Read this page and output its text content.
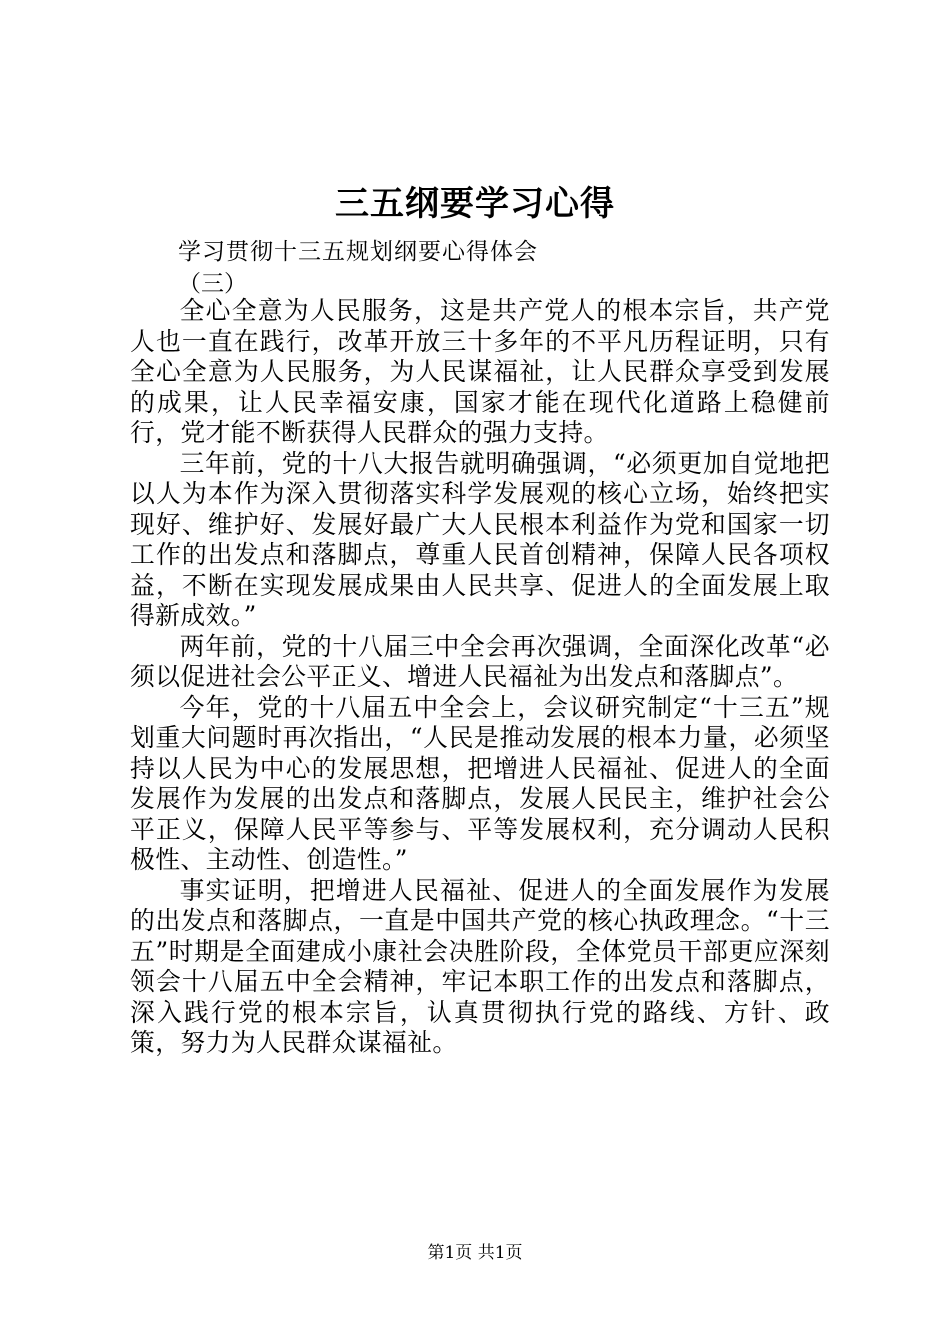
三五纲要学习心得
学习贯彻十三五规划纲要心得体会
（三）

全心全意为人民服务，这是共产党人的根本宗旨，共产党人也一直在践行，改革开放三十多年的不平凡历程证明，只有全心全意为人民服务，为人民谋福祉，让人民群众享受到发展的成果，让人民幸福安康，国家才能在现代化道路上稳健前行，党才能不断获得人民群众的强力支持。

三年前，党的十八大报告就明确强调，“必须更加自觉地把以人为本作为深入贯彻落实科学发展观的核心立场，始终把实现好、维护好、发展好最广大人民根本利益作为党和国家一切工作的出发点和落脚点，尊重人民首创精神，保障人民各项权益，不断在实现发展成果由人民共享、促进人的全面发展上取得新成效。”

两年前，党的十八届三中全会再次强调，全面深化改革“必须以促进社会公平正义、增进人民福祉为出发点和落脚点”。

今年，党的十八届五中全会上，会议研究制定“十三五”规划重大问题时再次指出，“人民是推动发展的根本力量，必须坚持以人民为中心的发展思想，把增进人民福祉、促进人的全面发展作为发展的出发点和落脚点，发展人民民主，维护社会公平正义，保障人民平等参与、平等发展权利，充分调动人民积极性、主动性、创造性。”

事实证明，把增进人民福祉、促进人的全面发展作为发展的出发点和落脚点，一直是中国共产党的核心执政理念。“十三五”时期是全面建成小康社会决胜阶段，全体党员干部更应深刻领会十八届五中全会精神，牢记本职工作的出发点和落脚点，深入践行党的根本宗旨，认真贯彻执行党的路线、方针、政策，努力为人民群众谋福祉。

第1页 共1页
